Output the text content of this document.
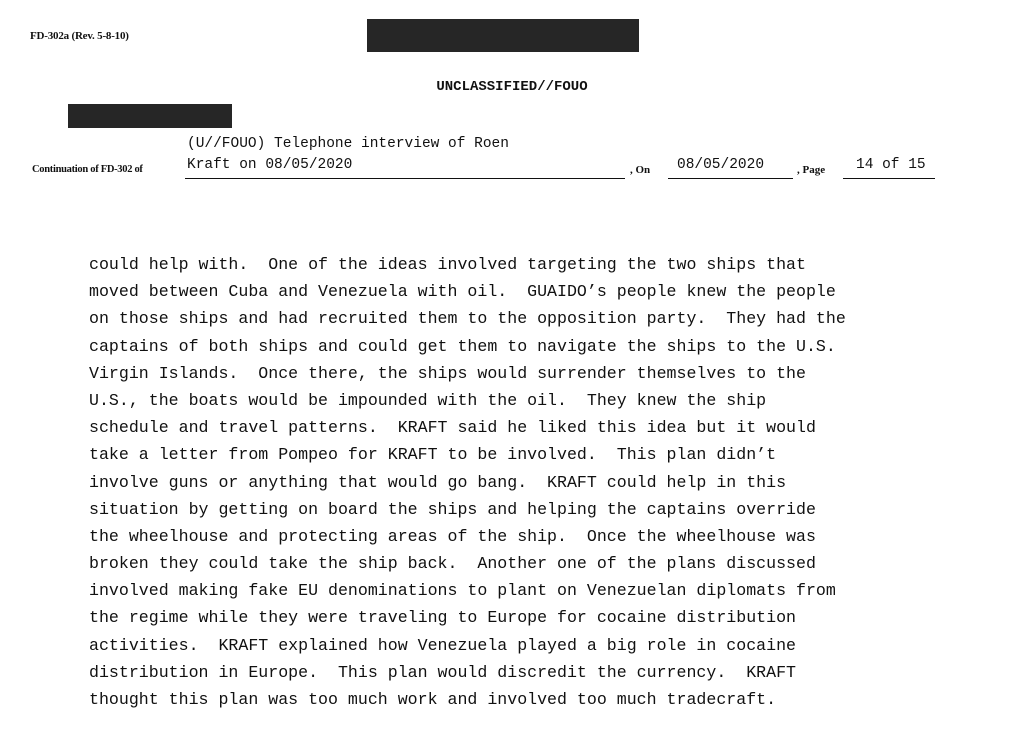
FD-302a (Rev. 5-8-10)
UNCLASSIFIED//FOUO
(U//FOUO) Telephone interview of Roen
Continuation of FD-302 of	Kraft on 08/05/2020	, On 08/05/2020	, Page 14 of 15
could help with.  One of the ideas involved targeting the two ships that
moved between Cuba and Venezuela with oil.  GUAIDO’s people knew the people
on those ships and had recruited them to the opposition party.  They had the
captains of both ships and could get them to navigate the ships to the U.S.
Virgin Islands.  Once there, the ships would surrender themselves to the
U.S., the boats would be impounded with the oil.  They knew the ship
schedule and travel patterns.  KRAFT said he liked this idea but it would
take a letter from Pompeo for KRAFT to be involved.  This plan didn’t
involve guns or anything that would go bang.  KRAFT could help in this
situation by getting on board the ships and helping the captains override
the wheelhouse and protecting areas of the ship.  Once the wheelhouse was
broken they could take the ship back.  Another one of the plans discussed
involved making fake EU denominations to plant on Venezuelan diplomats from
the regime while they were traveling to Europe for cocaine distribution
activities.  KRAFT explained how Venezuela played a big role in cocaine
distribution in Europe.  This plan would discredit the currency.  KRAFT
thought this plan was too much work and involved too much tradecraft.
